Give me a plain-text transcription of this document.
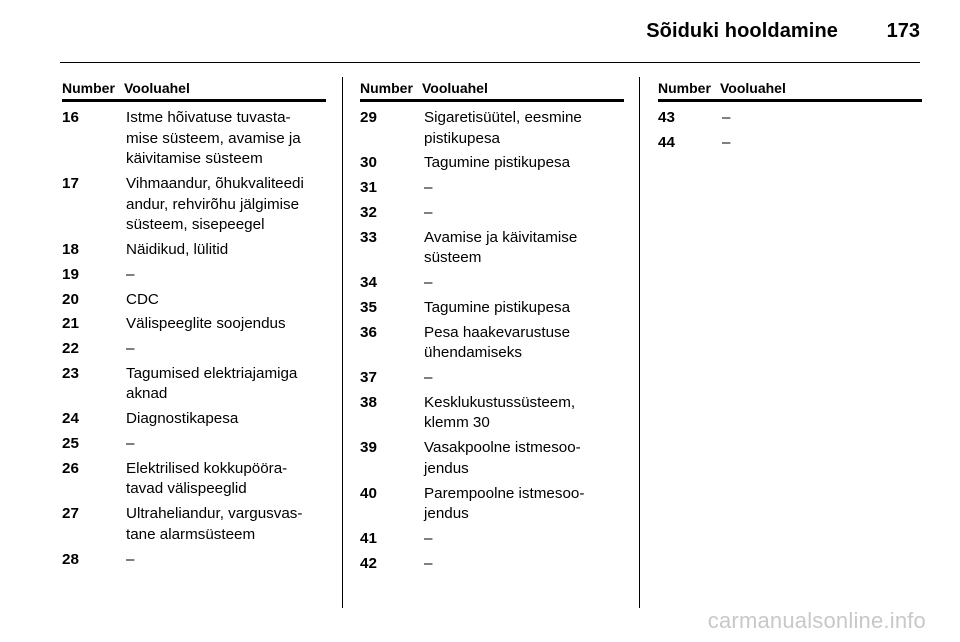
Sõiduki hooldamine 173
Number Vooluahel
16	Istme hõivatuse tuvasta-
mise süsteem, avamise ja
käivitamise süsteem
17	Vihmaandur, õhukvaliteedi
andur, rehvirõhu jälgimise
süsteem, sisepeegel
18	Näidikud, lülitid
19	–
20	CDC
21	Välispeeglite soojendus
22	–
23	Tagumised elektriajamiga
aknad
24	Diagnostikapesa
25	–
26	Elektrilised kokkupööra-
tavad välispeeglid
27	Ultraheliandur, vargusvas-
tane alarmsüsteem
28	–
Number Vooluahel
29	Sigaretisüütel, eesmine
pistikupesa
30	Tagumine pistikupesa
31	–
32	–
33	Avamise ja käivitamise
süsteem
34	–
35	Tagumine pistikupesa
36	Pesa haakevarustuse
ühendamiseks
37	–
38	Kesklukustussüsteem,
klemm 30
39	Vasakpoolne istmesoo-
jendus
40	Parempoolne istmesoo-
jendus
41	–
42	–
Number Vooluahel
43	–
44	–
carmanualsonline.info
